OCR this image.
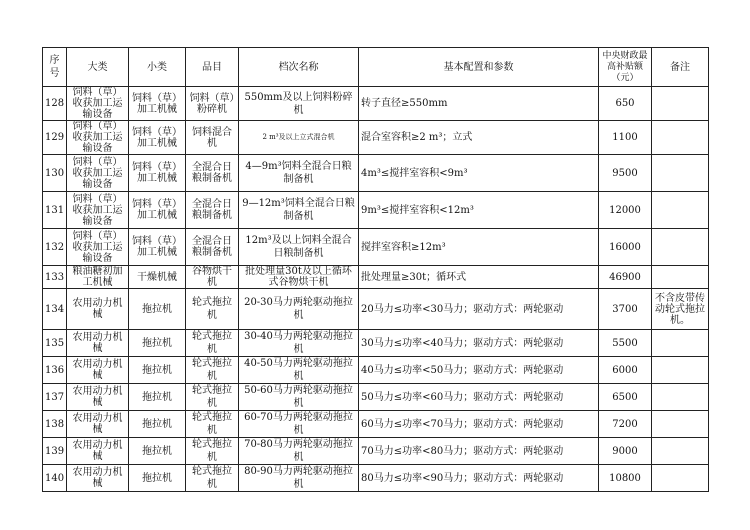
序号	大类	小类	品目	档次名称	基本配置和参数	中央财政最高补贴额（元）	备注
128	饲料（草）收获加工运输设备	饲料（草）加工机械	饲料（草）粉碎机	550mm及以上饲料粉碎机	转子直径≥550mm	650	
129	饲料（草）收获加工运输设备	饲料（草）加工机械	饲料混合机	2 m³及以上立式混合机	混合室容积≥2 m³；立式	1100	
130	饲料（草）收获加工运输设备	饲料（草）加工机械	全混合日粮制备机	4—9m³饲料全混合日粮制备机	4m³≤搅拌室容积<9m³	9500	
131	饲料（草）收获加工运输设备	饲料（草）加工机械	全混合日粮制备机	9—12m³饲料全混合日粮制备机	9m³≤搅拌室容积<12m³	12000	
132	饲料（草）收获加工运输设备	饲料（草）加工机械	全混合日粮制备机	12m³及以上饲料全混合日粮制备机	搅拌室容积≥12m³	16000	
133	粮油糖初加工机械	干燥机械	谷物烘干机	批处理量30t及以上循环式谷物烘干机	批处理量≥30t；循环式	46900	
134	农用动力机械	拖拉机	轮式拖拉机	20-30马力两轮驱动拖拉机	20马力≤功率<30马力；驱动方式：两轮驱动	3700	不含皮带传动轮式拖拉机。
135	农用动力机械	拖拉机	轮式拖拉机	30-40马力两轮驱动拖拉机	30马力≤功率<40马力；驱动方式：两轮驱动	5500	
136	农用动力机械	拖拉机	轮式拖拉机	40-50马力两轮驱动拖拉机	40马力≤功率<50马力；驱动方式：两轮驱动	6000	
137	农用动力机械	拖拉机	轮式拖拉机	50-60马力两轮驱动拖拉机	50马力≤功率<60马力；驱动方式：两轮驱动	6500	
138	农用动力机械	拖拉机	轮式拖拉机	60-70马力两轮驱动拖拉机	60马力≤功率<70马力；驱动方式：两轮驱动	7200	
139	农用动力机械	拖拉机	轮式拖拉机	70-80马力两轮驱动拖拉机	70马力≤功率<80马力；驱动方式：两轮驱动	9000	
140	农用动力机械	拖拉机	轮式拖拉机	80-90马力两轮驱动拖拉机	80马力≤功率<90马力；驱动方式：两轮驱动	10800	
